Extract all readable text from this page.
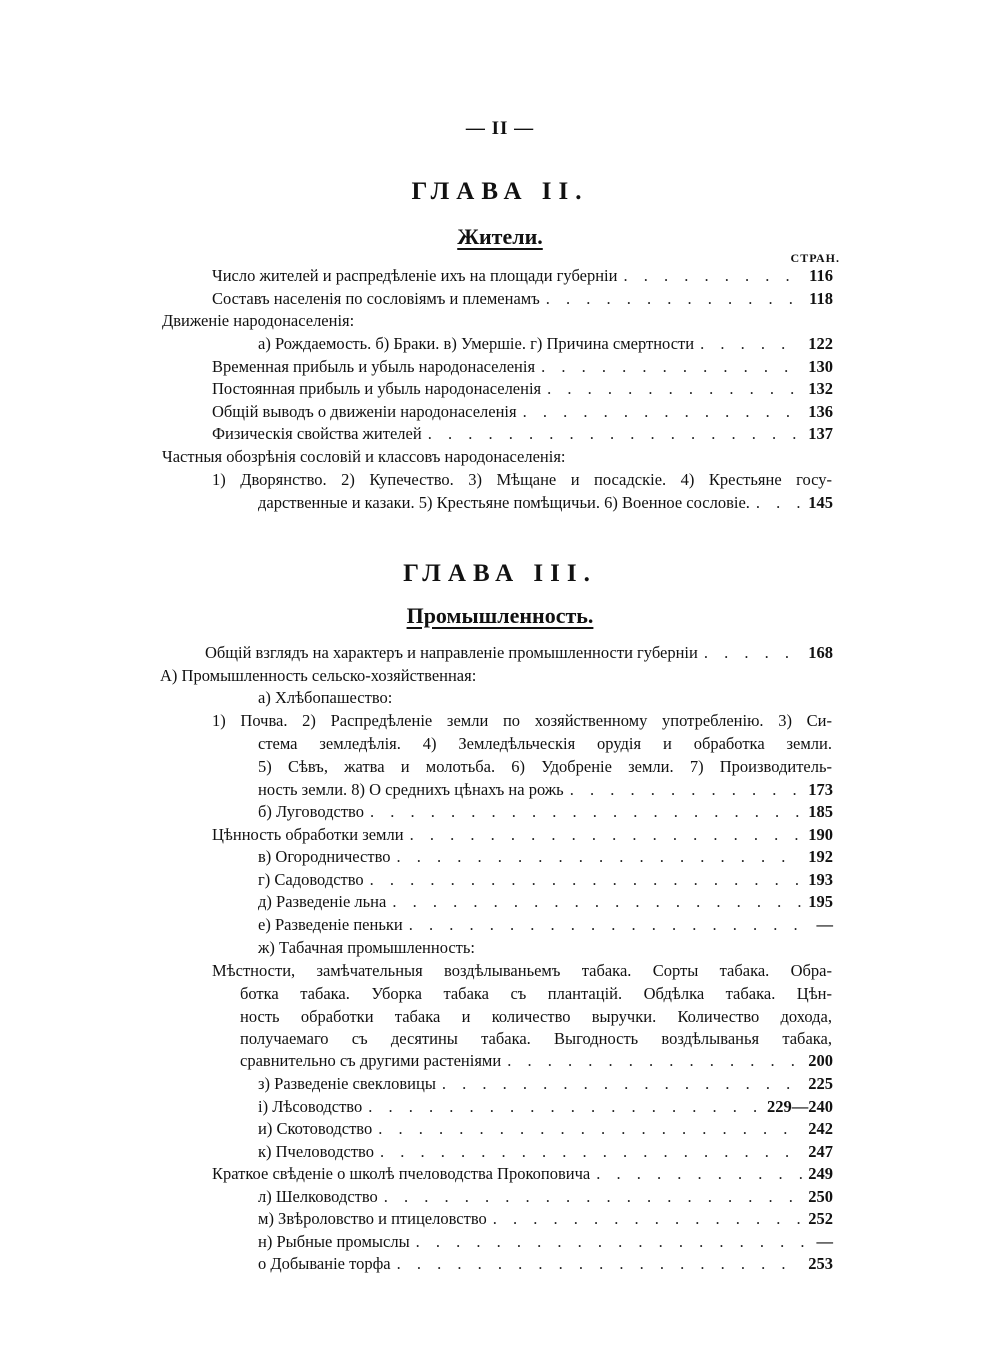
— II —
ГЛАВА II.
Жители.
СТРАН.
Число жителей и распредѣленіе ихъ на площади губерніи . . .	116
Составъ населенія по сословіямъ и племенамъ . . .	118
Движеніе народонаселенія:
а) Рождаемость. б) Браки. в) Умершіе. г) Причина смертности . . .	122
Временная прибыль и убыль народонаселенія . . .	130
Постоянная прибыль и убыль народонаселенія . . .	132
Общій выводъ о движеніи народонаселенія . . .	136
Физическія свойства жителей . . .	137
Частныя обозрѣнія сословій и классовъ народонаселенія:
1) Дворянство. 2) Купечество. 3) Мѣщане и посадскіе. 4) Крестьяне госу-
дарственные и казаки. 5) Крестьяне помѣщичьи. 6) Военное сословіе. . . .	145
ГЛАВА III.
Промышленность.
Общій взглядъ на характеръ и направленіе промышленности губерніи . . .	168
А) Промышленность сельско-хозяйственная:
а) Хлѣбопашество:
1) Почва. 2) Распредѣленіе земли по хозяйственному употребленію. 3) Си-
стема земледѣлія. 4) Земледѣльческія орудія и обработка земли.
5) Сѣвъ, жатва и молотьба. 6) Удобреніе земли. 7) Производитель-
ность земли. 8) О среднихъ цѣнахъ на рожь . . .	173
б) Луговодство . . .	185
Цѣнность обработки земли . . .	190
в) Огородничество . . .	192
г) Садоводство . . .	193
д) Разведеніе льна . . .	195
е) Разведеніе пеньки . . .	—
ж) Табачная промышленность:
Мѣстности, замѣчательныя воздѣлываньемъ табака. Сорты табака. Обра-
ботка табака. Уборка табака съ плантацій. Обдѣлка табака. Цѣн-
ность обработки табака и количество выручки. Количество дохода,
получаемаго съ десятины табака. Выгодность воздѣлыванья табака,
сравнительно съ другими растеніями . . .	200
з) Разведеніе свекловицы . . .	225
і) Лѣсоводство . . .	229—240
и) Скотоводство . . .	242
к) Пчеловодство . . .	247
Краткое свѣденіе о школѣ пчеловодства Прокоповича . . .	249
л) Шелководство . . .	250
м) Звѣроловство и птицеловство . . .	252
н) Рыбные промыслы . . .	—
о Добываніе торфа . . .	253
